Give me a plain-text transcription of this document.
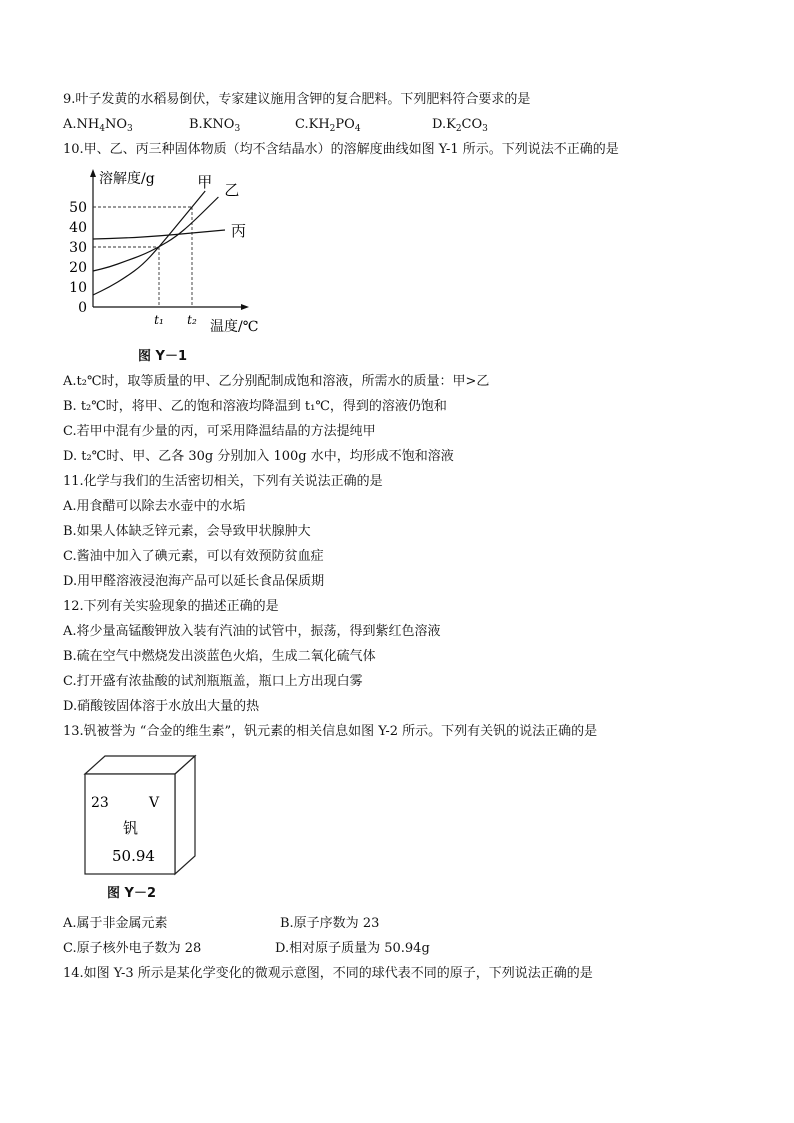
9.叶子发黄的水稻易倒伏，专家建议施用含钾的复合肥料。下列肥料符合要求的是
$A.NH_4NO_3$	$B.KNO_3$	$C.KH_2PO_4$	$D.K_2CO_3$
10.甲、乙、丙三种固体物质（均不含结晶水）的溶解度曲线如图 Y-1 所示。下列说法不正确的是
溶解度/g
温度/℃
0
10
20
30
40
50
t₁ t₂
甲 乙
丙
图 Y－1
A.t₂℃时，取等质量的甲、乙分别配制成饱和溶液，所需水的质量：甲>乙
B. t₂℃时，将甲、乙的饱和溶液均降温到 t₁℃，得到的溶液仍饱和
C.若甲中混有少量的丙，可采用降温结晶的方法提纯甲
D. t₂℃时、甲、乙各 30g 分别加入 100g 水中，均形成不饱和溶液
11.化学与我们的生活密切相关，下列有关说法正确的是
A.用食醋可以除去水壶中的水垢
B.如果人体缺乏锌元素，会导致甲状腺肿大
C.酱油中加入了碘元素，可以有效预防贫血症
D.用甲醛溶液浸泡海产品可以延长食品保质期
12.下列有关实验现象的描述正确的是
A.将少量高锰酸钾放入装有汽油的试管中，振荡，得到紫红色溶液
B.硫在空气中燃烧发出淡蓝色火焰，生成二氧化硫气体
C.打开盛有浓盐酸的试剂瓶瓶盖，瓶口上方出现白雾
D.硝酸铵固体溶于水放出大量的热
13.钒被誉为 “合金的维生素”，钒元素的相关信息如图 Y-2 所示。下列有关钒的说法正确的是
23	V
钒
50.94
图 Y－2
A.属于非金属元素	B.原子序数为 23
C.原子核外电子数为 28	D.相对原子质量为 50.94g
14.如图 Y-3 所示是某化学变化的微观示意图，不同的球代表不同的原子，下列说法正确的是
